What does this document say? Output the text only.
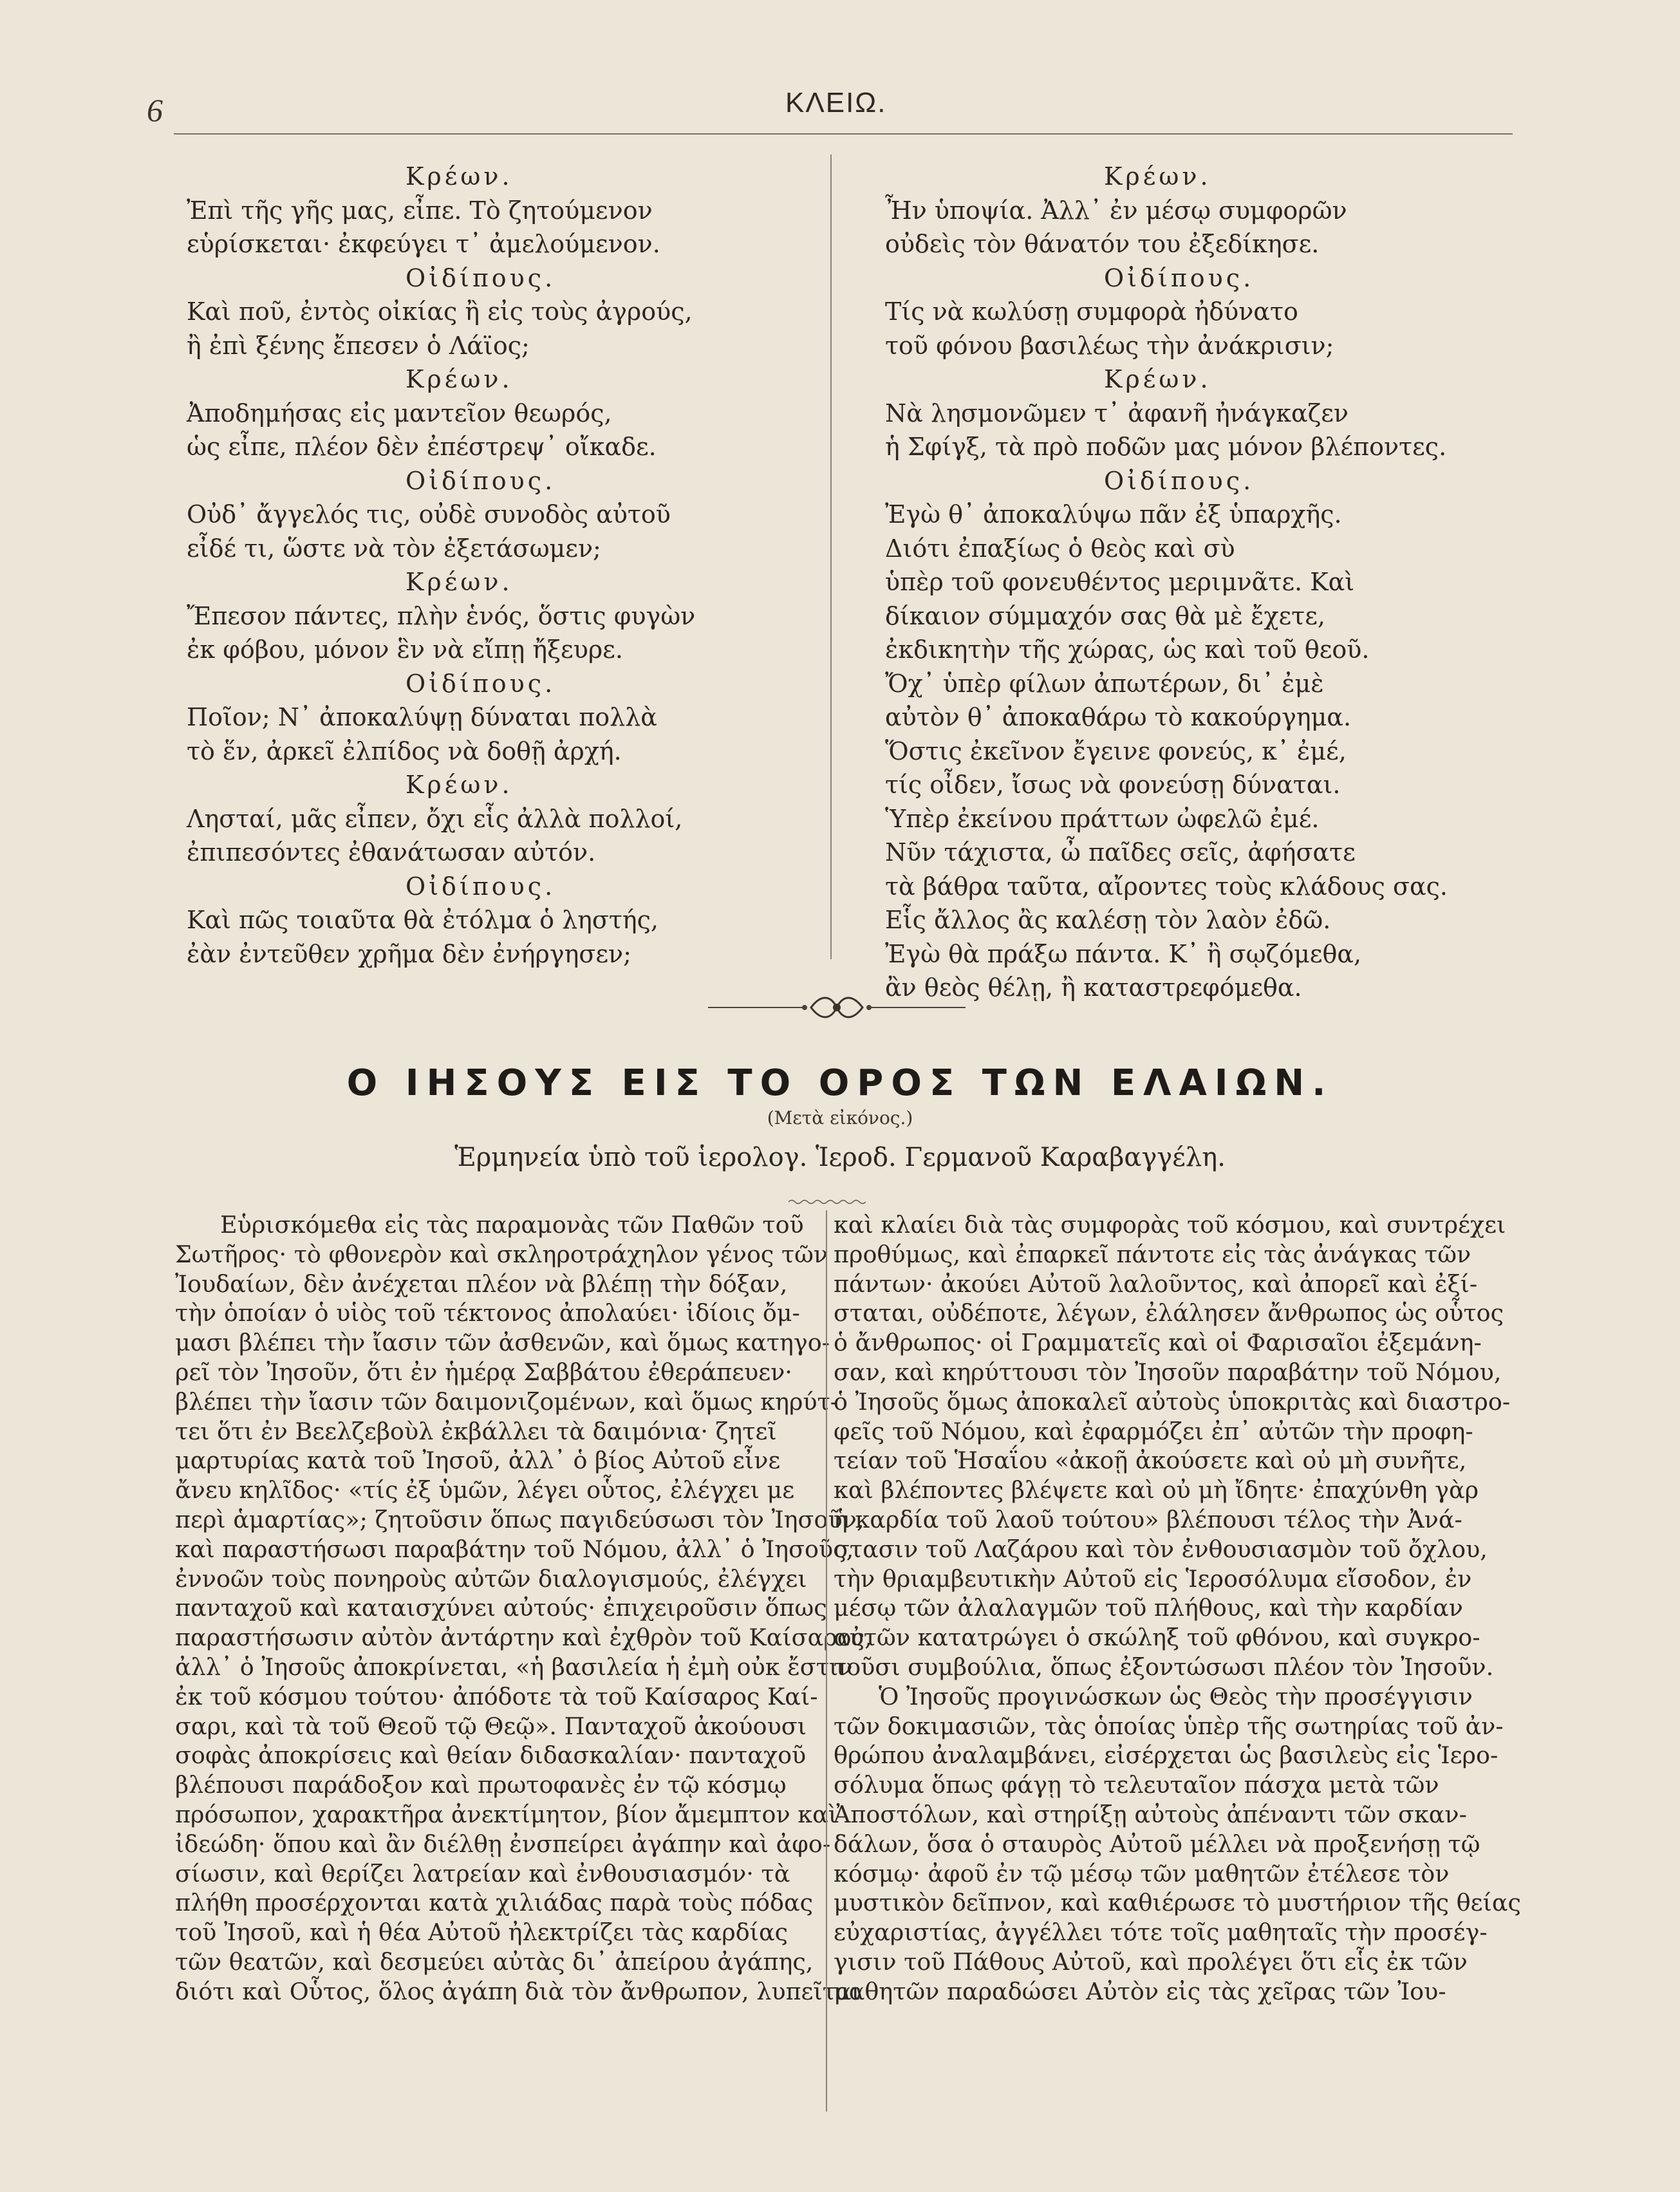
6	ΚΛΕΙΩ.
Κρέων.
Ἐπὶ τῆς γῆς μας, εἶπε. Τὸ ζητούμενον
εὑρίσκεται· ἐκφεύγει τ᾽ ἀμελούμενον.
Οἰδίπους.
Καὶ ποῦ, ἐντὸς οἰκίας ἢ εἰς τοὺς ἀγρούς,
ἢ ἐπὶ ξένης ἔπεσεν ὁ Λάϊος;
Κρέων.
Ἀποδημήσας εἰς μαντεῖον θεωρός,
ὡς εἶπε, πλέον δὲν ἐπέστρεψ᾽ οἴκαδε.
Οἰδίπους.
Οὐδ᾽ ἄγγελός τις, οὐδὲ συνοδὸς αὐτοῦ
εἶδέ τι, ὥστε νὰ τὸν ἐξετάσωμεν;
Κρέων.
Ἔπεσον πάντες, πλὴν ἑνός, ὅστις φυγὼν
ἐκ φόβου, μόνον ἓν νὰ εἴπῃ ἤξευρε.
Οἰδίπους.
Ποῖον; Ν᾽ ἀποκαλύψῃ δύναται πολλὰ
τὸ ἕν, ἀρκεῖ ἐλπίδος νὰ δοθῇ ἀρχή.
Κρέων.
Λησταί, μᾶς εἶπεν, ὄχι εἷς ἀλλὰ πολλοί,
ἐπιπεσόντες ἐθανάτωσαν αὐτόν.
Οἰδίπους.
Καὶ πῶς τοιαῦτα θὰ ἐτόλμα ὁ ληστής,
ἐὰν ἐντεῦθεν χρῆμα δὲν ἐνήργησεν;
Κρέων.
Ἦν ὑποψία. Ἀλλ᾽ ἐν μέσῳ συμφορῶν
οὐδεὶς τὸν θάνατόν του ἐξεδίκησε.
Οἰδίπους.
Τίς νὰ κωλύσῃ συμφορὰ ἠδύνατο
τοῦ φόνου βασιλέως τὴν ἀνάκρισιν;
Κρέων.
Νὰ λησμονῶμεν τ᾽ ἀφανῆ ἠνάγκαζεν
ἡ Σφίγξ, τὰ πρὸ ποδῶν μας μόνον βλέποντες.
Οἰδίπους.
Ἐγὼ θ᾽ ἀποκαλύψω πᾶν ἐξ ὑπαρχῆς.
Διότι ἐπαξίως ὁ θεὸς καὶ σὺ
ὑπὲρ τοῦ φονευθέντος μεριμνᾶτε. Καὶ
δίκαιον σύμμαχόν σας θὰ μὲ ἔχετε,
ἐκδικητὴν τῆς χώρας, ὡς καὶ τοῦ θεοῦ.
Ὄχ᾽ ὑπὲρ φίλων ἀπωτέρων, δι᾽ ἐμὲ
αὐτὸν θ᾽ ἀποκαθάρω τὸ κακούργημα.
Ὅστις ἐκεῖνον ἔγεινε φονεύς, κ᾽ ἐμέ,
τίς οἶδεν, ἴσως νὰ φονεύσῃ δύναται.
Ὑπὲρ ἐκείνου πράττων ὠφελῶ ἐμέ.
Νῦν τάχιστα, ὦ παῖδες σεῖς, ἀφήσατε
τὰ βάθρα ταῦτα, αἴροντες τοὺς κλάδους σας.
Εἷς ἄλλος ἂς καλέσῃ τὸν λαὸν ἐδῶ.
Ἐγὼ θὰ πράξω πάντα. Κ᾽ ἢ σῳζόμεθα,
ἂν θεὸς θέλῃ, ἢ καταστρεφόμεθα.
Ο ΙΗΣΟΥΣ ΕΙΣ ΤΟ ΟΡΟΣ ΤΩΝ ΕΛΑΙΩΝ.
(Μετὰ εἰκόνος.)
Ἑρμηνεία ὑπὸ τοῦ ἱερολογ. Ἱεροδ. Γερμανοῦ Καραβαγγέλη.
Εὑρισκόμεθα εἰς τὰς παραμονὰς τῶν Παθῶν τοῦ
Σωτῆρος· τὸ φθονερὸν καὶ σκληροτράχηλον γένος τῶν
Ἰουδαίων, δὲν ἀνέχεται πλέον νὰ βλέπῃ τὴν δόξαν,
τὴν ὁποίαν ὁ υἱὸς τοῦ τέκτονος ἀπολαύει· ἰδίοις ὄμ-
μασι βλέπει τὴν ἴασιν τῶν ἀσθενῶν, καὶ ὅμως κατηγο-
ρεῖ τὸν Ἰησοῦν, ὅτι ἐν ἡμέρᾳ Σαββάτου ἐθεράπευεν·
βλέπει τὴν ἴασιν τῶν δαιμονιζομένων, καὶ ὅμως κηρύτ-
τει ὅτι ἐν Βεελζεβοὺλ ἐκβάλλει τὰ δαιμόνια· ζητεῖ
μαρτυρίας κατὰ τοῦ Ἰησοῦ, ἀλλ᾽ ὁ βίος Αὐτοῦ εἶνε
ἄνευ κηλῖδος· «τίς ἐξ ὑμῶν, λέγει οὗτος, ἐλέγχει με
περὶ ἁμαρτίας»; ζητοῦσιν ὅπως παγιδεύσωσι τὸν Ἰησοῦν,
καὶ παραστήσωσι παραβάτην τοῦ Νόμου, ἀλλ᾽ ὁ Ἰησοῦς,
ἐννοῶν τοὺς πονηροὺς αὐτῶν διαλογισμούς, ἐλέγχει
πανταχοῦ καὶ καταισχύνει αὐτούς· ἐπιχειροῦσιν ὅπως
παραστήσωσιν αὐτὸν ἀντάρτην καὶ ἐχθρὸν τοῦ Καίσαρος,
ἀλλ᾽ ὁ Ἰησοῦς ἀποκρίνεται, «ἡ βασιλεία ἡ ἐμὴ οὐκ ἔστιν
ἐκ τοῦ κόσμου τούτου· ἀπόδοτε τὰ τοῦ Καίσαρος Καί-
σαρι, καὶ τὰ τοῦ Θεοῦ τῷ Θεῷ». Πανταχοῦ ἀκούουσι
σοφὰς ἀποκρίσεις καὶ θείαν διδασκαλίαν· πανταχοῦ
βλέπουσι παράδοξον καὶ πρωτοφανὲς ἐν τῷ κόσμῳ
πρόσωπον, χαρακτῆρα ἀνεκτίμητον, βίον ἄμεμπτον καὶ
ἰδεώδη· ὅπου καὶ ἂν διέλθῃ ἐνσπείρει ἀγάπην καὶ ἀφο-
σίωσιν, καὶ θερίζει λατρείαν καὶ ἐνθουσιασμόν· τὰ
πλήθη προσέρχονται κατὰ χιλιάδας παρὰ τοὺς πόδας
τοῦ Ἰησοῦ, καὶ ἡ θέα Αὐτοῦ ἠλεκτρίζει τὰς καρδίας
τῶν θεατῶν, καὶ δεσμεύει αὐτὰς δι᾽ ἀπείρου ἀγάπης,
διότι καὶ Οὗτος, ὅλος ἀγάπη διὰ τὸν ἄνθρωπον, λυπεῖται
καὶ κλαίει διὰ τὰς συμφορὰς τοῦ κόσμου, καὶ συντρέχει
προθύμως, καὶ ἐπαρκεῖ πάντοτε εἰς τὰς ἀνάγκας τῶν
πάντων· ἀκούει Αὐτοῦ λαλοῦντος, καὶ ἀπορεῖ καὶ ἐξί-
σταται, οὐδέποτε, λέγων, ἐλάλησεν ἄνθρωπος ὡς οὗτος
ὁ ἄνθρωπος· οἱ Γραμματεῖς καὶ οἱ Φαρισαῖοι ἐξεμάνη-
σαν, καὶ κηρύττουσι τὸν Ἰησοῦν παραβάτην τοῦ Νόμου,
ὁ Ἰησοῦς ὅμως ἀποκαλεῖ αὐτοὺς ὑποκριτὰς καὶ διαστρο-
φεῖς τοῦ Νόμου, καὶ ἐφαρμόζει ἐπ᾽ αὐτῶν τὴν προφη-
τείαν τοῦ Ἡσαΐου «ἀκοῇ ἀκούσετε καὶ οὐ μὴ συνῆτε,
καὶ βλέποντες βλέψετε καὶ οὐ μὴ ἴδητε· ἐπαχύνθη γὰρ
ἡ καρδία τοῦ λαοῦ τούτου» βλέπουσι τέλος τὴν Ἀνά-
στασιν τοῦ Λαζάρου καὶ τὸν ἐνθουσιασμὸν τοῦ ὄχλου,
τὴν θριαμβευτικὴν Αὐτοῦ εἰς Ἱεροσόλυμα εἴσοδον, ἐν
μέσῳ τῶν ἀλαλαγμῶν τοῦ πλήθους, καὶ τὴν καρδίαν
αὐτῶν κατατρώγει ὁ σκώληξ τοῦ φθόνου, καὶ συγκρο-
τοῦσι συμβούλια, ὅπως ἐξοντώσωσι πλέον τὸν Ἰησοῦν.
Ὁ Ἰησοῦς προγινώσκων ὡς Θεὸς τὴν προσέγγισιν
τῶν δοκιμασιῶν, τὰς ὁποίας ὑπὲρ τῆς σωτηρίας τοῦ ἀν-
θρώπου ἀναλαμβάνει, εἰσέρχεται ὡς βασιλεὺς εἰς Ἱερο-
σόλυμα ὅπως φάγῃ τὸ τελευταῖον πάσχα μετὰ τῶν
Ἀποστόλων, καὶ στηρίξῃ αὐτοὺς ἀπέναντι τῶν σκαν-
δάλων, ὅσα ὁ σταυρὸς Αὐτοῦ μέλλει νὰ προξενήσῃ τῷ
κόσμῳ· ἀφοῦ ἐν τῷ μέσῳ τῶν μαθητῶν ἐτέλεσε τὸν
μυστικὸν δεῖπνον, καὶ καθιέρωσε τὸ μυστήριον τῆς θείας
εὐχαριστίας, ἀγγέλλει τότε τοῖς μαθηταῖς τὴν προσέγ-
γισιν τοῦ Πάθους Αὐτοῦ, καὶ προλέγει ὅτι εἷς ἐκ τῶν
μαθητῶν παραδώσει Αὐτὸν εἰς τὰς χεῖρας τῶν Ἰου-
